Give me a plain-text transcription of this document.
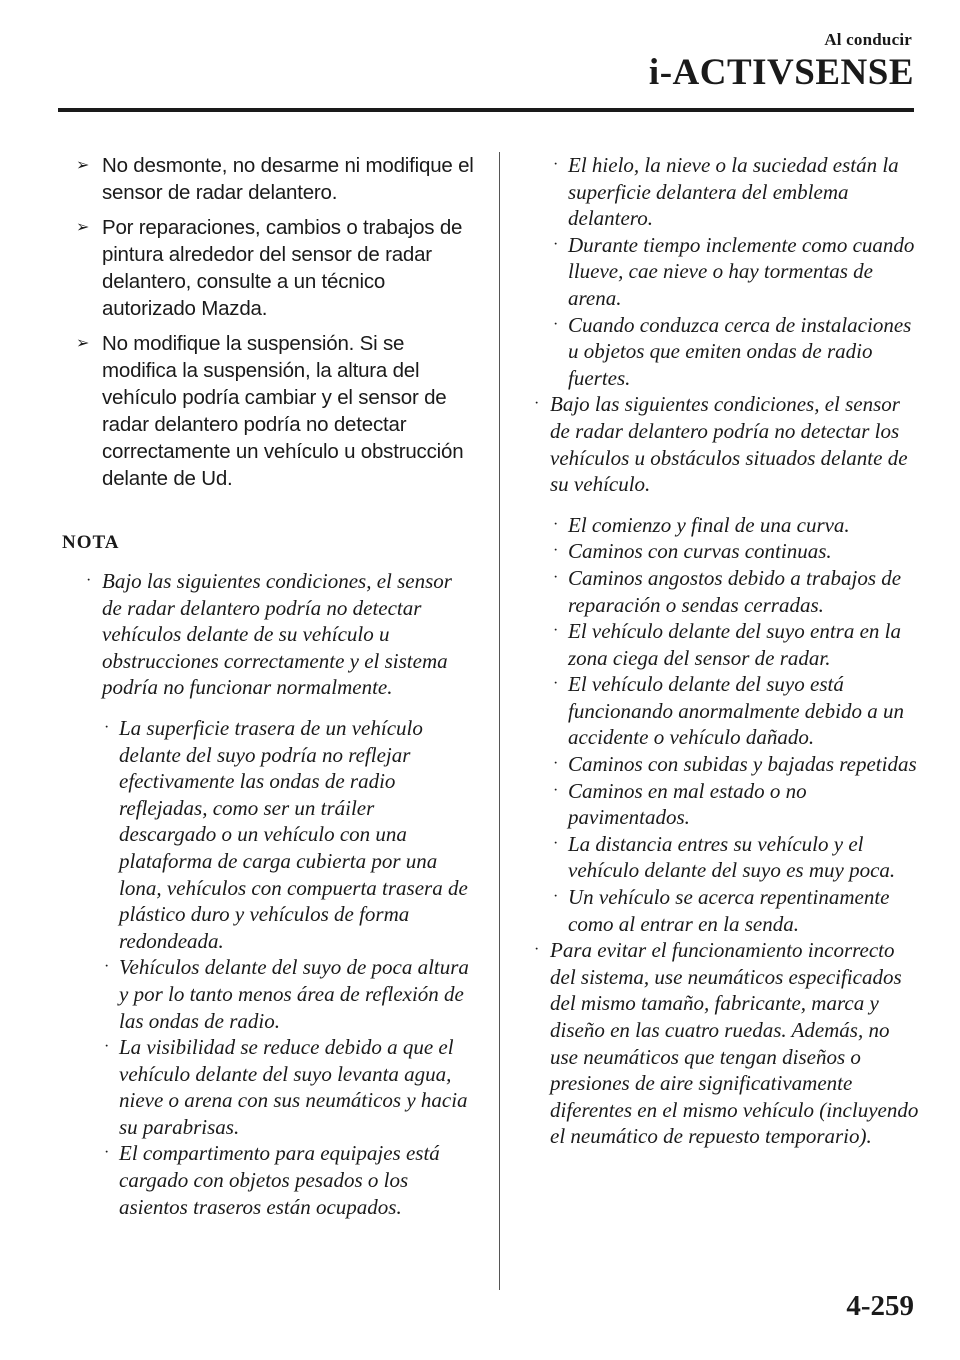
Al conducir
i-ACTIVSENSE
➢ No desmonte, no desarme ni modifique el sensor de radar delantero.
➢ Por reparaciones, cambios o trabajos de pintura alrededor del sensor de radar delantero, consulte a un técnico autorizado Mazda.
➢ No modifique la suspensión. Si se modifica la suspensión, la altura del vehículo podría cambiar y el sensor de radar delantero podría no detectar correctamente un vehículo u obstrucción delante de Ud.
NOTA
· Bajo las siguientes condiciones, el sensor de radar delantero podría no detectar vehículos delante de su vehículo u obstrucciones correctamente y el sistema podría no funcionar normalmente.
· La superficie trasera de un vehículo delante del suyo podría no reflejar efectivamente las ondas de radio reflejadas, como ser un tráiler descargado o un vehículo con una plataforma de carga cubierta por una lona, vehículos con compuerta trasera de plástico duro y vehículos de forma redondeada.
· Vehículos delante del suyo de poca altura y por lo tanto menos área de reflexión de las ondas de radio.
· La visibilidad se reduce debido a que el vehículo delante del suyo levanta agua, nieve o arena con sus neumáticos y hacia su parabrisas.
· El compartimento para equipajes está cargado con objetos pesados o los asientos traseros están ocupados.
· El hielo, la nieve o la suciedad están la superficie delantera del emblema delantero.
· Durante tiempo inclemente como cuando llueve, cae nieve o hay tormentas de arena.
· Cuando conduzca cerca de instalaciones u objetos que emiten ondas de radio fuertes.
· Bajo las siguientes condiciones, el sensor de radar delantero podría no detectar los vehículos u obstáculos situados delante de su vehículo.
· El comienzo y final de una curva.
· Caminos con curvas continuas.
· Caminos angostos debido a trabajos de reparación o sendas cerradas.
· El vehículo delante del suyo entra en la zona ciega del sensor de radar.
· El vehículo delante del suyo está funcionando anormalmente debido a un accidente o vehículo dañado.
· Caminos con subidas y bajadas repetidas
· Caminos en mal estado o no pavimentados.
· La distancia entres su vehículo y el vehículo delante del suyo es muy poca.
· Un vehículo se acerca repentinamente como al entrar en la senda.
· Para evitar el funcionamiento incorrecto del sistema, use neumáticos especificados del mismo tamaño, fabricante, marca y diseño en las cuatro ruedas. Además, no use neumáticos que tengan diseños o presiones de aire significativamente diferentes en el mismo vehículo (incluyendo el neumático de repuesto temporario).
4-259
